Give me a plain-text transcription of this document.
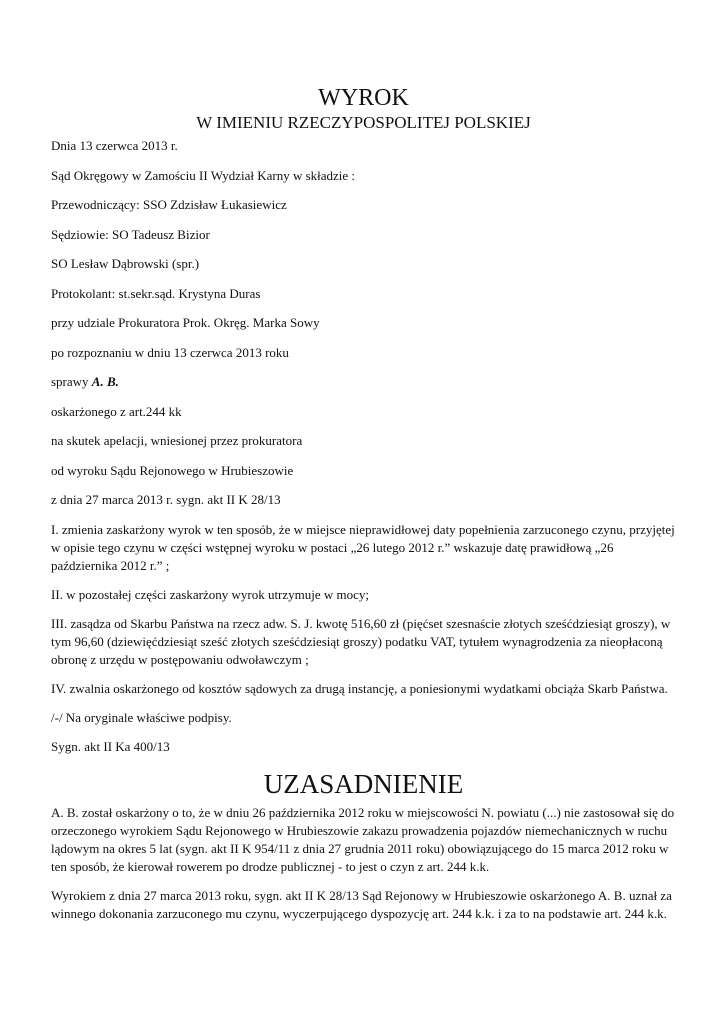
WYROK
W IMIENIU RZECZYPOSPOLITEJ POLSKIEJ

Dnia 13 czerwca 2013 r.

Sąd Okręgowy w Zamościu II Wydział Karny w składzie :

Przewodniczący: SSO Zdzisław Łukasiewicz

Sędziowie: SO Tadeusz Bizior

SO Lesław Dąbrowski (spr.)

Protokolant: st.sekr.sąd. Krystyna Duras

przy udziale Prokuratora Prok. Okręg. Marka Sowy

po rozpoznaniu w dniu 13 czerwca 2013 roku

sprawy A. B.

oskarżonego z art.244 kk

na skutek apelacji, wniesionej przez prokuratora

od wyroku Sądu Rejonowego w Hrubieszowie

z dnia 27 marca 2013 r. sygn. akt II K 28/13

I. zmienia zaskarżony wyrok w ten sposób, że w miejsce nieprawidłowej daty popełnienia zarzuconego czynu, przyjętej w opisie tego czynu w części wstępnej wyroku w postaci „26 lutego 2012 r.” wskazuje datę prawidłową „26 października 2012 r.” ;

II. w pozostałej części zaskarżony wyrok utrzymuje w mocy;

III. zasądza od Skarbu Państwa na rzecz adw. S. J. kwotę 516,60 zł (pięćset szesnaście złotych sześćdziesiąt groszy), w tym 96,60 (dziewięćdziesiąt sześć złotych sześćdziesiąt groszy) podatku VAT, tytułem wynagrodzenia za nieopłaconą obronę z urzędu w postępowaniu odwoławczym ;

IV. zwalnia oskarżonego od kosztów sądowych za drugą instancję, a poniesionymi wydatkami obciąża Skarb Państwa.

/-/ Na oryginale właściwe podpisy.

Sygn. akt II Ka 400/13

UZASADNIENIE

A. B. został oskarżony o to, że w dniu 26 października 2012 roku w miejscowości N. powiatu (...) nie zastosował się do orzeczonego wyrokiem Sądu Rejonowego w Hrubieszowie zakazu prowadzenia pojazdów niemechanicznych w ruchu lądowym na okres 5 lat (sygn. akt II K 954/11 z dnia 27 grudnia 2011 roku) obowiązującego do 15 marca 2012 roku w ten sposób, że kierował rowerem po drodze publicznej - to jest o czyn z art. 244 k.k.

Wyrokiem z dnia 27 marca 2013 roku, sygn. akt II K 28/13 Sąd Rejonowy w Hrubieszowie oskarżonego A. B. uznał za winnego dokonania zarzuconego mu czynu, wyczerpującego dyspozycję art. 244 k.k. i za to na podstawie art. 244 k.k.
